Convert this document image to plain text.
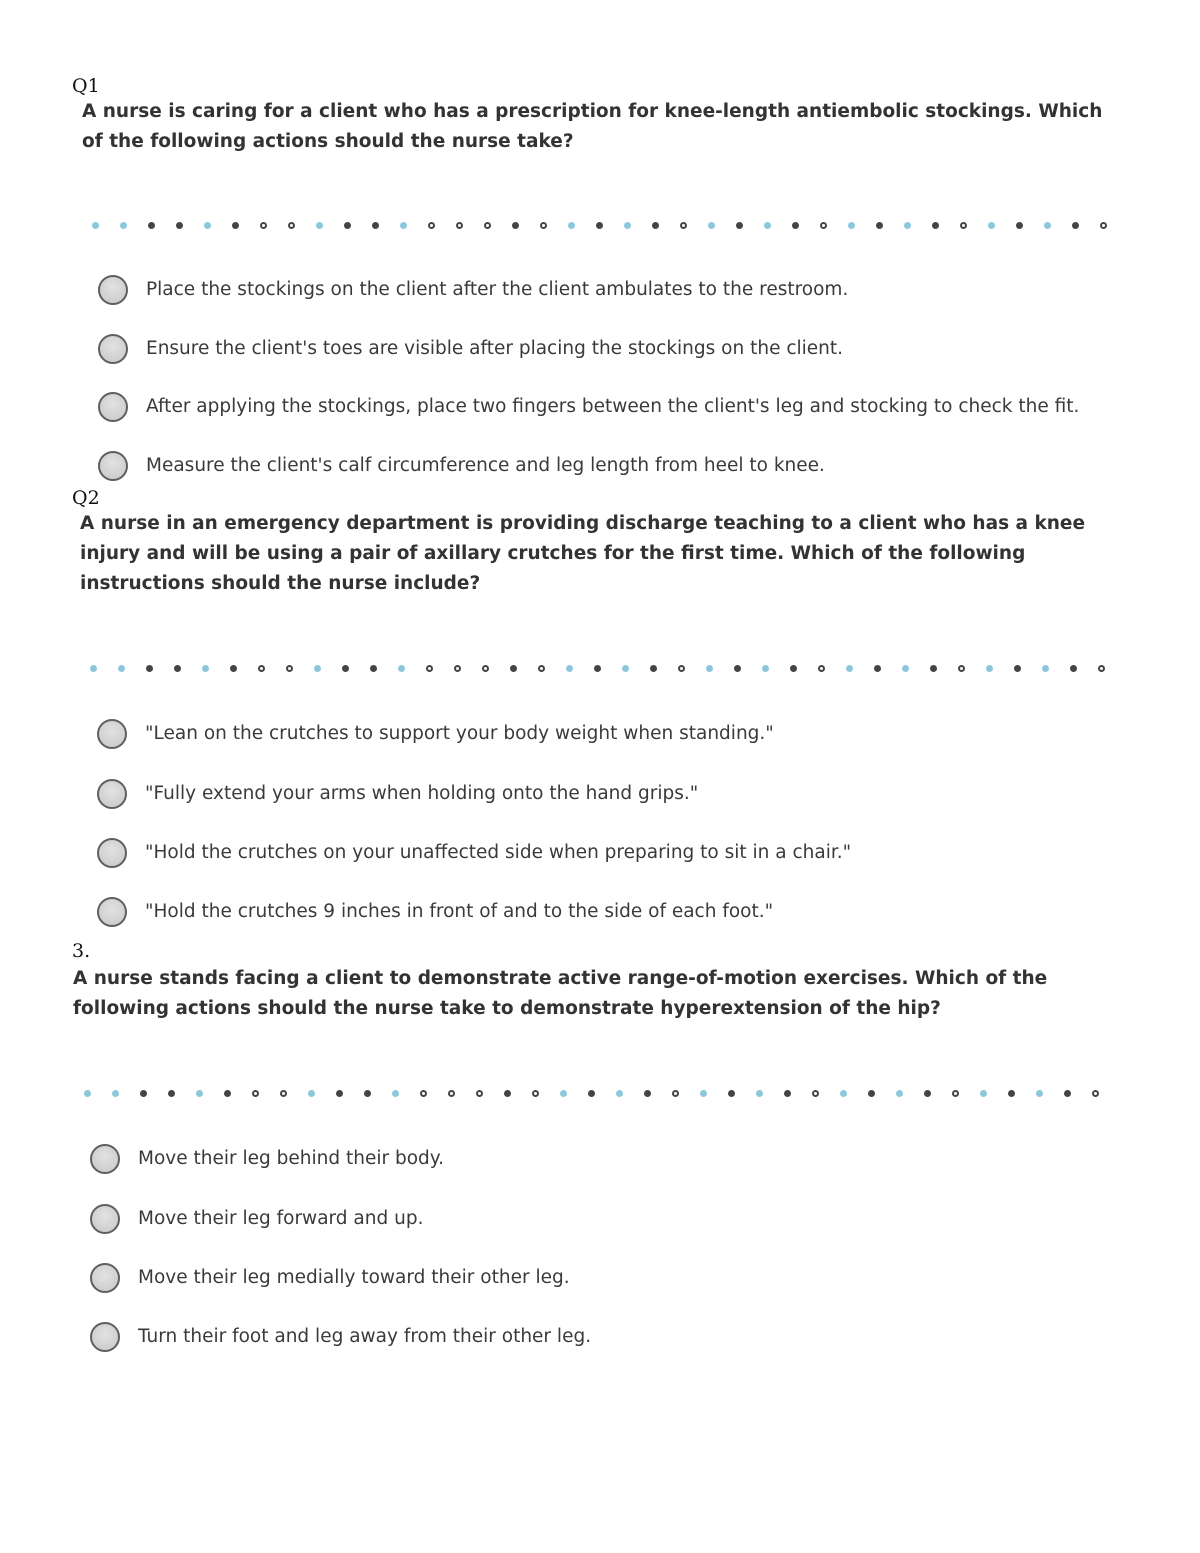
Q1
A nurse is caring for a client who has a prescription for knee-length antiembolic stockings. Which of the following actions should the nurse take?
Place the stockings on the client after the client ambulates to the restroom.
Ensure the client's toes are visible after placing the stockings on the client.
After applying the stockings, place two fingers between the client's leg and stocking to check the fit.
Measure the client's calf circumference and leg length from heel to knee.
Q2
A nurse in an emergency department is providing discharge teaching to a client who has a knee injury and will be using a pair of axillary crutches for the first time. Which of the following instructions should the nurse include?
"Lean on the crutches to support your body weight when standing."
"Fully extend your arms when holding onto the hand grips."
"Hold the crutches on your unaffected side when preparing to sit in a chair."
"Hold the crutches 9 inches in front of and to the side of each foot."
3.
A nurse stands facing a client to demonstrate active range-of-motion exercises. Which of the following actions should the nurse take to demonstrate hyperextension of the hip?
Move their leg behind their body.
Move their leg forward and up.
Move their leg medially toward their other leg.
Turn their foot and leg away from their other leg.
